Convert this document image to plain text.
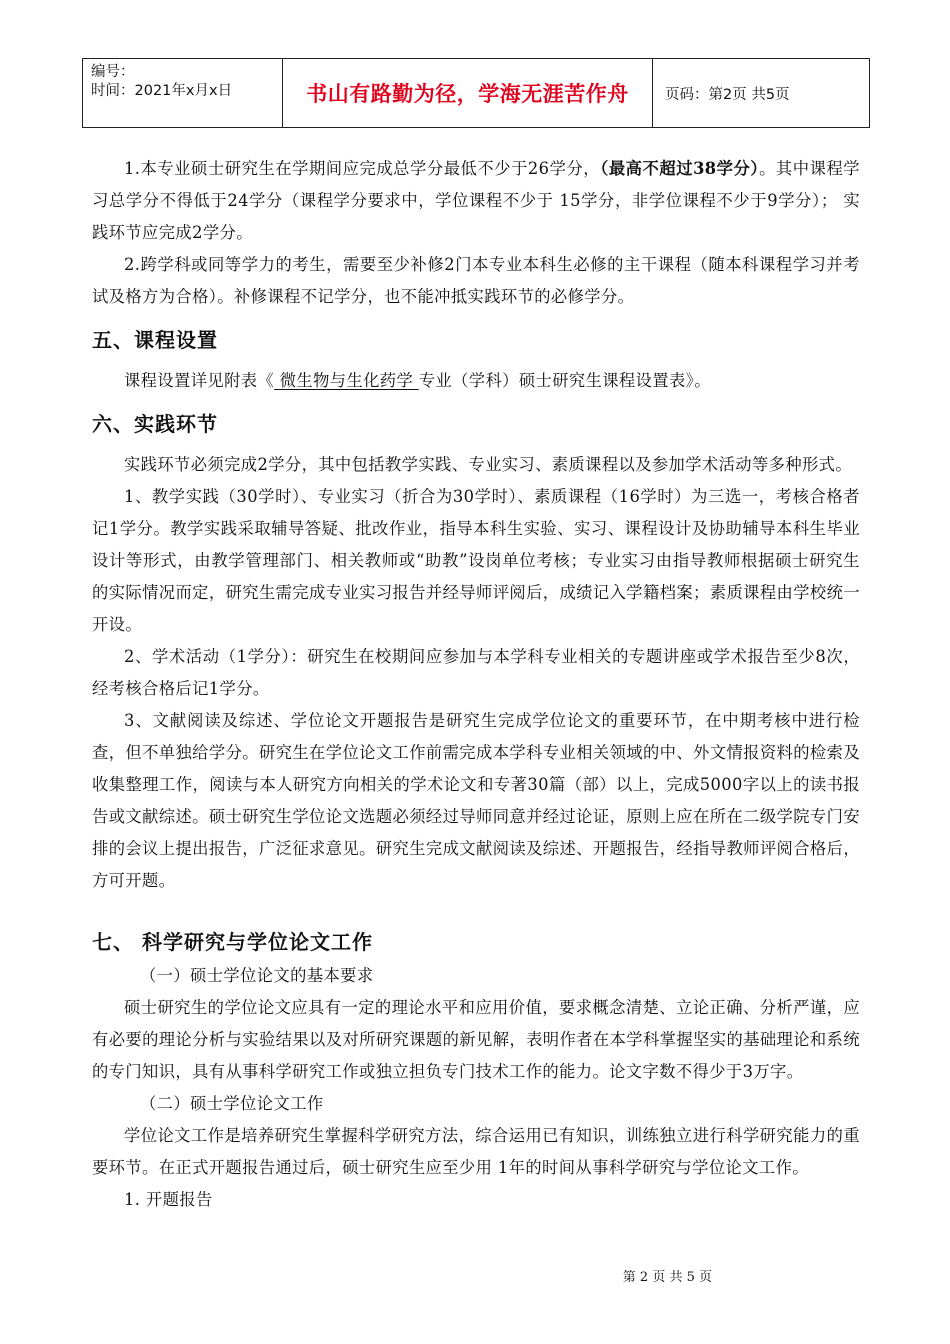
编号：
时间：2021年x月x日	书山有路勤为径，学海无涯苦作舟	页码：第2页 共5页

1.本专业硕士研究生在学期间应完成总学分最低不少于26学分，（最高不超过38学分）。其中课程学习总学分不得低于24学分（课程学分要求中，学位课程不少于 15学分，非学位课程不少于9学分）； 实践环节应完成2学分。

2.跨学科或同等学力的考生，需要至少补修2门本专业本科生必修的主干课程（随本科课程学习并考试及格方为合格）。补修课程不记学分，也不能冲抵实践环节的必修学分。

五、课程设置

课程设置详见附表《 微生物与生化药学 专业（学科）硕士研究生课程设置表》。

六、实践环节

实践环节必须完成2学分，其中包括教学实践、专业实习、素质课程以及参加学术活动等多种形式。

1、教学实践（30学时）、专业实习（折合为30学时）、素质课程（16学时）为三选一，考核合格者记1学分。教学实践采取辅导答疑、批改作业，指导本科生实验、实习、课程设计及协助辅导本科生毕业设计等形式，由教学管理部门、相关教师或“助教”设岗单位考核；专业实习由指导教师根据硕士研究生的实际情况而定，研究生需完成专业实习报告并经导师评阅后，成绩记入学籍档案；素质课程由学校统一开设。

2、学术活动（1学分）：研究生在校期间应参加与本学科专业相关的专题讲座或学术报告至少8次，经考核合格后记1学分。

3、文献阅读及综述、学位论文开题报告是研究生完成学位论文的重要环节，在中期考核中进行检查，但不单独给学分。研究生在学位论文工作前需完成本学科专业相关领域的中、外文情报资料的检索及收集整理工作，阅读与本人研究方向相关的学术论文和专著30篇（部）以上，完成5000字以上的读书报告或文献综述。硕士研究生学位论文选题必须经过导师同意并经过论证，原则上应在所在二级学院专门安排的会议上提出报告，广泛征求意见。研究生完成文献阅读及综述、开题报告，经指导教师评阅合格后，方可开题。

七、 科学研究与学位论文工作

（一）硕士学位论文的基本要求

硕士研究生的学位论文应具有一定的理论水平和应用价值，要求概念清楚、立论正确、分析严谨，应有必要的理论分析与实验结果以及对所研究课题的新见解，表明作者在本学科掌握坚实的基础理论和系统的专门知识，具有从事科学研究工作或独立担负专门技术工作的能力。论文字数不得少于3万字。

（二）硕士学位论文工作

学位论文工作是培养研究生掌握科学研究方法，综合运用已有知识，训练独立进行科学研究能力的重要环节。在正式开题报告通过后，硕士研究生应至少用 1年的时间从事科学研究与学位论文工作。

1. 开题报告

第 2 页 共 5 页
